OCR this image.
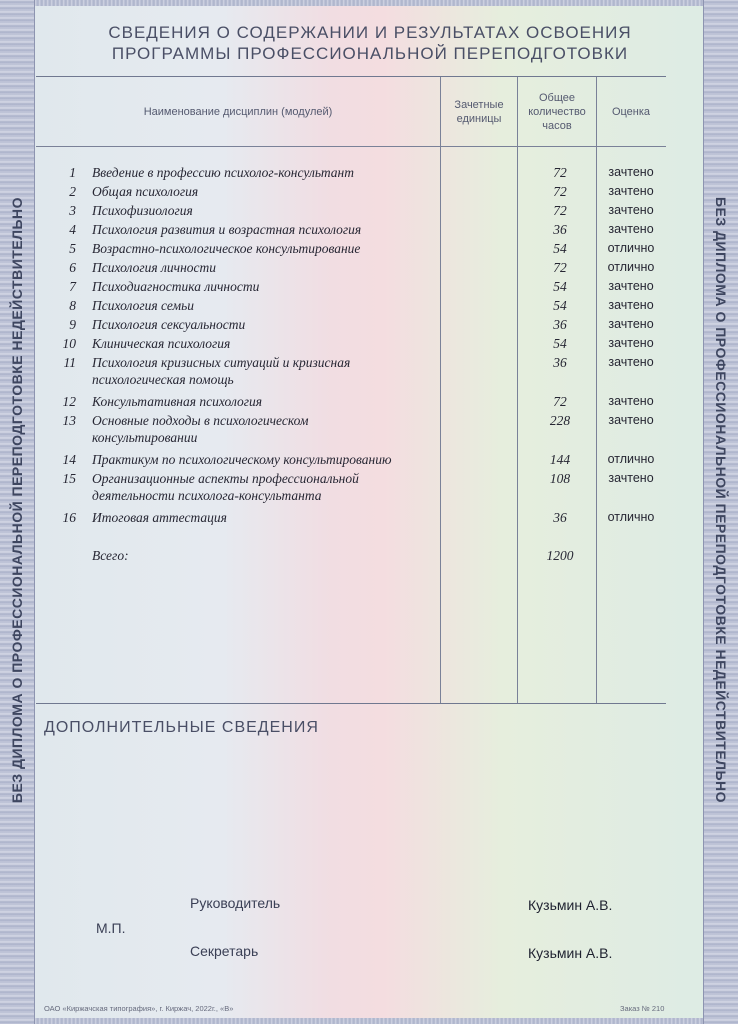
БЕЗ ДИПЛОМА О ПРОФЕССИОНАЛЬНОЙ ПЕРЕПОДГОТОВКЕ НЕДЕЙСТВИТЕЛЬНО	БЕЗ ДИПЛОМА О ПРОФЕССИОНАЛЬНОЙ ПЕРЕПОДГОТОВКЕ НЕДЕЙСТВИТЕЛЬНО
СВЕДЕНИЯ О СОДЕРЖАНИИ И РЕЗУЛЬТАТАХ ОСВОЕНИЯ
ПРОГРАММЫ ПРОФЕССИОНАЛЬНОЙ ПЕРЕПОДГОТОВКИ
Наименование дисциплин (модулей)
Зачетные единицы
Общее количество часов
Оценка
1 Введение в профессию психолог-консультант	72	зачтено
2 Общая психология	72	зачтено
3 Психофизиология	72	зачтено
4 Психология развития и возрастная психология	36	зачтено
5 Возрастно-психологическое консультирование	54	отлично
6 Психология личности	72	отлично
7 Психодиагностика личности	54	зачтено
8 Психология семьи	54	зачтено
9 Психология сексуальности	36	зачтено
10 Клиническая психология	54	зачтено
11 Психология кризисных ситуаций и кризисная
психологическая помощь
36	зачтено
12 Консультативная психология	72	зачтено
13 Основные подходы в психологическом
консультировании
228	зачтено
14 Практикум по психологическому консультированию	144	отлично
15 Организационные аспекты профессиональной
деятельности психолога-консультанта
108	зачтено
16 Итоговая аттестация	36	отлично
Всего:	1200
ДОПОЛНИТЕЛЬНЫЕ СВЕДЕНИЯ
Руководитель	Кузьмин А.В.
М.П.
Секретарь	Кузьмин А.В.
ОАО «Киржачская типография», г. Киржач, 2022г., «В»	Заказ № 210
